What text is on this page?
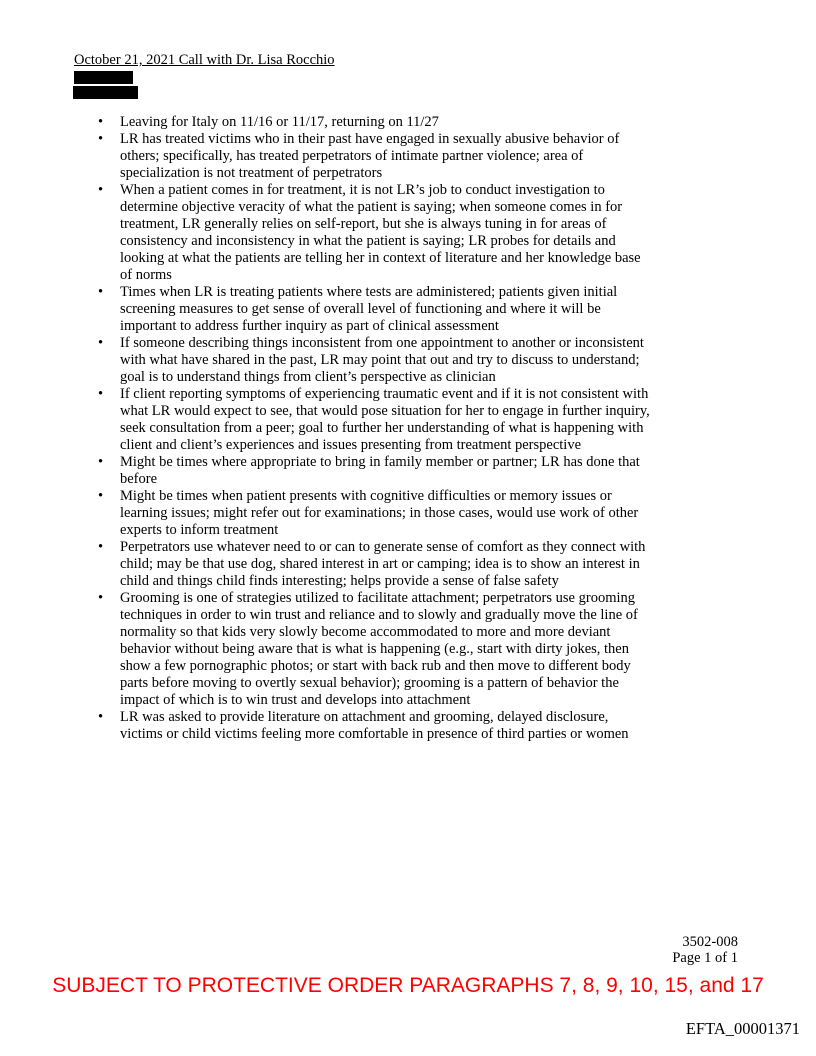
October 21, 2021 Call with Dr. Lisa Rocchio
• Leaving for Italy on 11/16 or 11/17, returning on 11/27
• LR has treated victims who in their past have engaged in sexually abusive behavior of others; specifically, has treated perpetrators of intimate partner violence; area of specialization is not treatment of perpetrators
• When a patient comes in for treatment, it is not LR’s job to conduct investigation to determine objective veracity of what the patient is saying; when someone comes in for treatment, LR generally relies on self-report, but she is always tuning in for areas of consistency and inconsistency in what the patient is saying; LR probes for details and looking at what the patients are telling her in context of literature and her knowledge base of norms
• Times when LR is treating patients where tests are administered; patients given initial screening measures to get sense of overall level of functioning and where it will be important to address further inquiry as part of clinical assessment
• If someone describing things inconsistent from one appointment to another or inconsistent with what have shared in the past, LR may point that out and try to discuss to understand; goal is to understand things from client’s perspective as clinician
• If client reporting symptoms of experiencing traumatic event and if it is not consistent with what LR would expect to see, that would pose situation for her to engage in further inquiry, seek consultation from a peer; goal to further her understanding of what is happening with client and client’s experiences and issues presenting from treatment perspective
• Might be times where appropriate to bring in family member or partner; LR has done that before
• Might be times when patient presents with cognitive difficulties or memory issues or learning issues; might refer out for examinations; in those cases, would use work of other experts to inform treatment
• Perpetrators use whatever need to or can to generate sense of comfort as they connect with child; may be that use dog, shared interest in art or camping; idea is to show an interest in child and things child finds interesting; helps provide a sense of false safety
• Grooming is one of strategies utilized to facilitate attachment; perpetrators use grooming techniques in order to win trust and reliance and to slowly and gradually move the line of normality so that kids very slowly become accommodated to more and more deviant behavior without being aware that is what is happening (e.g., start with dirty jokes, then show a few pornographic photos; or start with back rub and then move to different body parts before moving to overtly sexual behavior); grooming is a pattern of behavior the impact of which is to win trust and develops into attachment
• LR was asked to provide literature on attachment and grooming, delayed disclosure, victims or child victims feeling more comfortable in presence of third parties or women
3502-008
Page 1 of 1
SUBJECT TO PROTECTIVE ORDER PARAGRAPHS 7, 8, 9, 10, 15, and 17
EFTA_00001371
